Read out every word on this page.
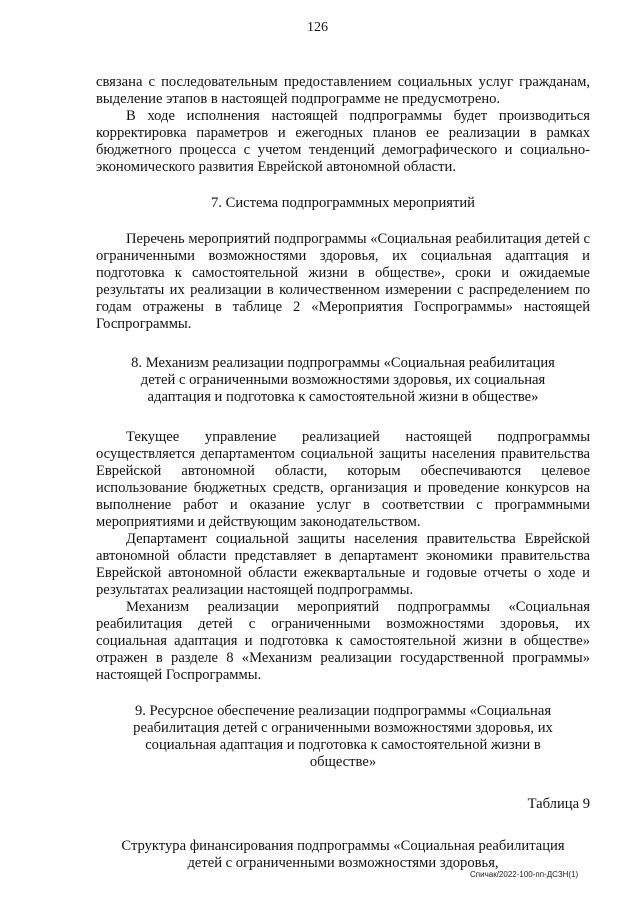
126

связана с последовательным предоставлением социальных услуг гражданам, выделение этапов в настоящей подпрограмме не предусмотрено.

В ходе исполнения настоящей подпрограммы будет производиться корректировка параметров и ежегодных планов ее реализации в рамках бюджетного процесса с учетом тенденций демографического и социально-экономического развития Еврейской автономной области.

7. Система подпрограммных мероприятий

Перечень мероприятий подпрограммы «Социальная реабилитация детей с ограниченными возможностями здоровья, их социальная адаптация и подготовка к самостоятельной жизни в обществе», сроки и ожидаемые результаты их реализации в количественном измерении с распределением по годам отражены в таблице 2 «Мероприятия Госпрограммы» настоящей Госпрограммы.

8. Механизм реализации подпрограммы «Социальная реабилитация детей с ограниченными возможностями здоровья, их социальная адаптация и подготовка к самостоятельной жизни в обществе»

Текущее управление реализацией настоящей подпрограммы осуществляется департаментом социальной защиты населения правительства Еврейской автономной области, которым обеспечиваются целевое использование бюджетных средств, организация и проведение конкурсов на выполнение работ и оказание услуг в соответствии с программными мероприятиями и действующим законодательством.

Департамент социальной защиты населения правительства Еврейской автономной области представляет в департамент экономики правительства Еврейской автономной области ежеквартальные и годовые отчеты о ходе и результатах реализации настоящей подпрограммы.

Механизм реализации мероприятий подпрограммы «Социальная реабилитация детей с ограниченными возможностями здоровья, их социальная адаптация и подготовка к самостоятельной жизни в обществе» отражен в разделе 8 «Механизм реализации государственной программы» настоящей Госпрограммы.

9. Ресурсное обеспечение реализации подпрограммы «Социальная реабилитация детей с ограниченными возможностями здоровья, их социальная адаптация и подготовка к самостоятельной жизни в обществе»

Таблица 9

Структура финансирования подпрограммы «Социальная реабилитация детей с ограниченными возможностями здоровья,

Спичак/2022-100-пп-ДСЗН(1)
